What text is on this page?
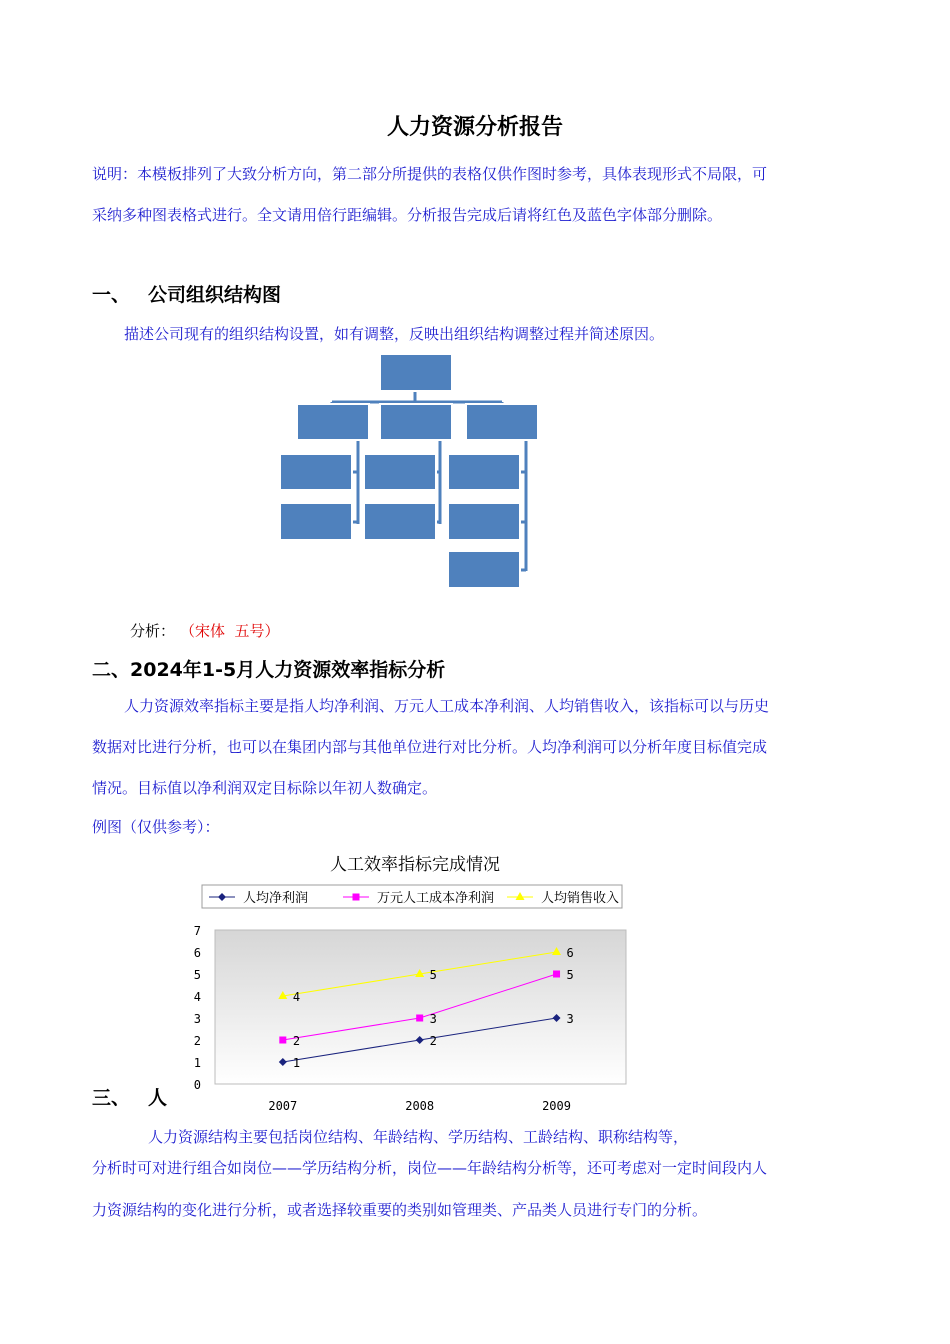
人力资源分析报告
说明：本模板排列了大致分析方向，第二部分所提供的表格仅供作图时参考，具体表现形式不局限，可
采纳多种图表格式进行。全文请用倍行距编辑。分析报告完成后请将红色及蓝色字体部分删除。
一、 公司组织结构图
描述公司现有的组织结构设置，如有调整，反映出组织结构调整过程并简述原因。
分析： （宋体  五号）
二、2024年1-5月人力资源效率指标分析
人力资源效率指标主要是指人均净利润、万元人工成本净利润、人均销售收入，该指标可以与历史
数据对比进行分析，也可以在集团内部与其他单位进行对比分析。人均净利润可以分析年度目标值完成
情况。目标值以净利润双定目标除以年初人数确定。
例图（仅供参考）：
人工效率指标完成情况
人均净利润	万元人工成本净利润	人均销售收入
0
1
2
3
4
5
6
7
2007	2008	2009
1
2
3
2
3
5
4
5
6
三、 人
人力资源结构主要包括岗位结构、年龄结构、学历结构、工龄结构、职称结构等，
分析时可对进行组合如岗位——学历结构分析，岗位——年龄结构分析等，还可考虑对一定时间段内人
力资源结构的变化进行分析，或者选择较重要的类别如管理类、产品类人员进行专门的分析。
